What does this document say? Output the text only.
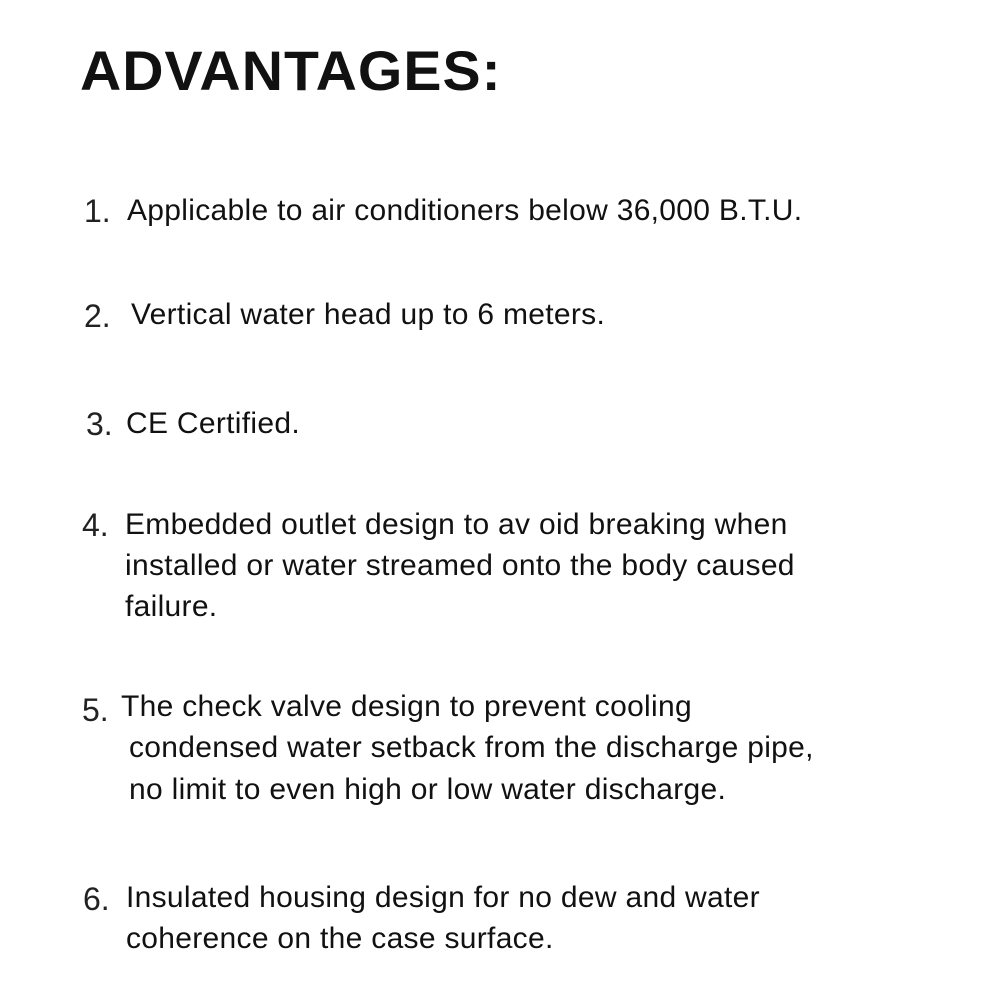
ADVANTAGES:
1. Applicable to air conditioners below 36,000 B.T.U.
2. Vertical water head up to 6 meters.
3. CE Certified.
4. Embedded outlet design to av oid breaking when
installed or water streamed onto the body caused
failure.
5. The check valve design to prevent cooling
condensed water setback from the discharge pipe,
no limit to even high or low water discharge.
6. Insulated housing design for no dew and water
coherence on the case surface.
